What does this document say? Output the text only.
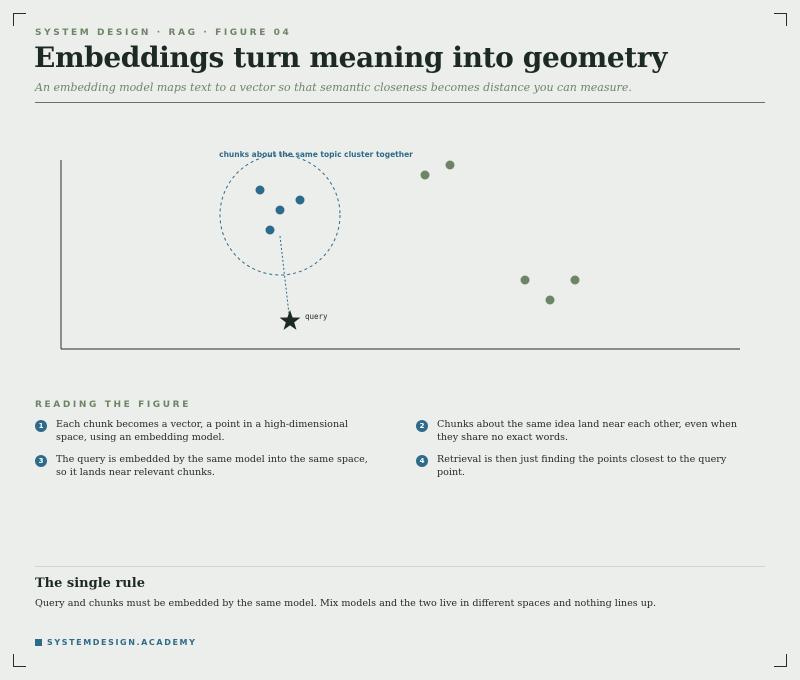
SYSTEM DESIGN · RAG · FIGURE 04
Embeddings turn meaning into geometry
An embedding model maps text to a vector so that semantic closeness becomes distance you can measure.
chunks about the same topic cluster together
query
READING THE FIGURE
1	Each chunk becomes a vector, a point in a high-dimensional space, using an embedding model.
2	Chunks about the same idea land near each other, even when they share no exact words.
3	The query is embedded by the same model into the same space, so it lands near relevant chunks.
4	Retrieval is then just finding the points closest to the query point.
The single rule
Query and chunks must be embedded by the same model. Mix models and the two live in different spaces and nothing lines up.
SYSTEMDESIGN.ACADEMY
